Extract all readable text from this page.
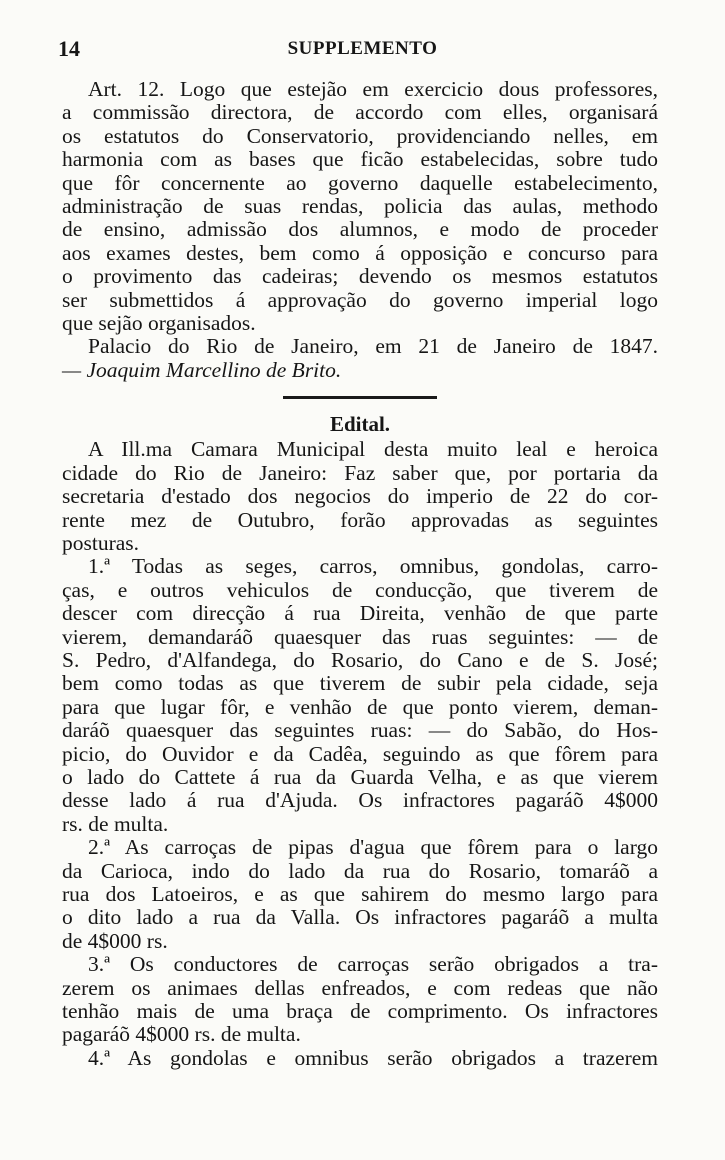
14	SUPPLEMENTO
Art. 12. Logo que estejão em exercicio dous professores,
a commissão directora, de accordo com elles, organisará
os estatutos do Conservatorio, providenciando nelles, em
harmonia com as bases que ficão estabelecidas, sobre tudo
que fôr concernente ao governo daquelle estabelecimento,
administração de suas rendas, policia das aulas, methodo
de ensino, admissão dos alumnos, e modo de proceder
aos exames destes, bem como á opposição e concurso para
o provimento das cadeiras; devendo os mesmos estatutos
ser submettidos á approvação do governo imperial logo
que sejão organisados.
Palacio do Rio de Janeiro, em 21 de Janeiro de 1847.
— Joaquim Marcellino de Brito.
Edital.
A Ill.ma Camara Municipal desta muito leal e heroica
cidade do Rio de Janeiro: Faz saber que, por portaria da
secretaria d'estado dos negocios do imperio de 22 do cor-
rente mez de Outubro, forão approvadas as seguintes
posturas.
1.ª Todas as seges, carros, omnibus, gondolas, carro-
ças, e outros vehiculos de conducção, que tiverem de
descer com direcção á rua Direita, venhão de que parte
vierem, demandaráõ quaesquer das ruas seguintes: — de
S. Pedro, d'Alfandega, do Rosario, do Cano e de S. José;
bem como todas as que tiverem de subir pela cidade, seja
para que lugar fôr, e venhão de que ponto vierem, deman-
daráõ quaesquer das seguintes ruas: — do Sabão, do Hos-
picio, do Ouvidor e da Cadêa, seguindo as que fôrem para
o lado do Cattete á rua da Guarda Velha, e as que vierem
desse lado á rua d'Ajuda. Os infractores pagaráõ 4$000
rs. de multa.
2.ª As carroças de pipas d'agua que fôrem para o largo
da Carioca, indo do lado da rua do Rosario, tomaráõ a
rua dos Latoeiros, e as que sahirem do mesmo largo para
o dito lado a rua da Valla. Os infractores pagaráõ a multa
de 4$000 rs.
3.ª Os conductores de carroças serão obrigados a tra-
zerem os animaes dellas enfreados, e com redeas que não
tenhão mais de uma braça de comprimento. Os infractores
pagaráõ 4$000 rs. de multa.
4.ª As gondolas e omnibus serão obrigados a trazerem
